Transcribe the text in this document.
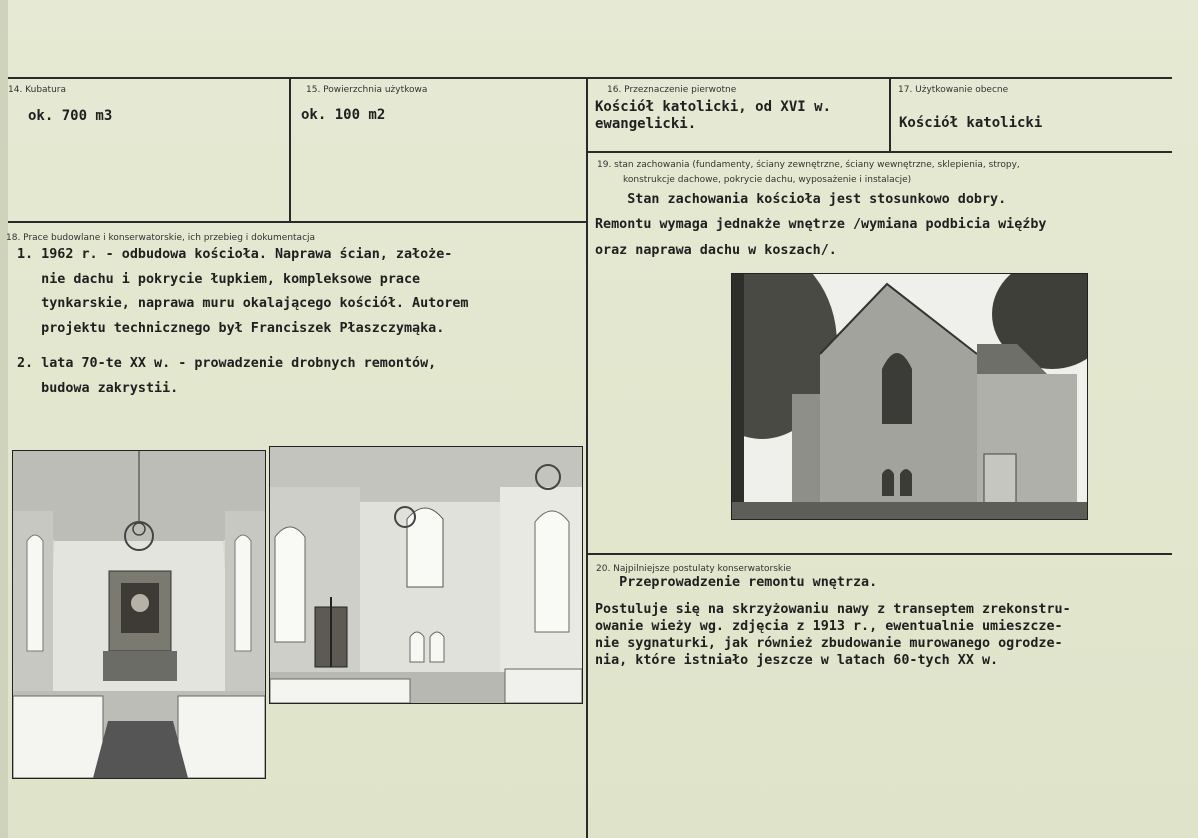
14. Kubatura
ok. 700 m3
15. Powierzchnia użytkowa
ok. 100 m2
16. Przeznaczenie pierwotne
Kościół katolicki, od XVI w.
ewangelicki.
17. Użytkowanie obecne
Kościół katolicki
18. Prace budowlane i konserwatorskie, ich przebieg i dokumentacja
1. 1962 r. - odbudowa kościoła. Naprawa ścian, założe-
nie dachu i pokrycie łupkiem, kompleksowe prace
tynkarskie, naprawa muru okalającego kościół. Autorem
projektu technicznego był Franciszek Płaszczymąka.
2. lata 70-te XX w. - prowadzenie drobnych remontów,
budowa zakrystii.
19. stan zachowania (fundamenty, ściany zewnętrzne, ściany wewnętrzne, sklepienia, stropy,
konstrukcje dachowe, pokrycie dachu, wyposażenie i instalacje)
Stan zachowania kościoła jest stosunkowo dobry.
Remontu wymaga jednakże wnętrze /wymiana podbicia więźby
oraz naprawa dachu w koszach/.
20. Najpilniejsze postulaty konserwatorskie
Przeprowadzenie remontu wnętrza.
Postuluje się na skrzyżowaniu nawy z transeptem zrekonstru-
owanie wieży wg. zdjęcia z 1913 r., ewentualnie umieszcze-
nie sygnaturki, jak również zbudowanie murowanego ogrodze-
nia, które istniało jeszcze w latach 60-tych XX w.
